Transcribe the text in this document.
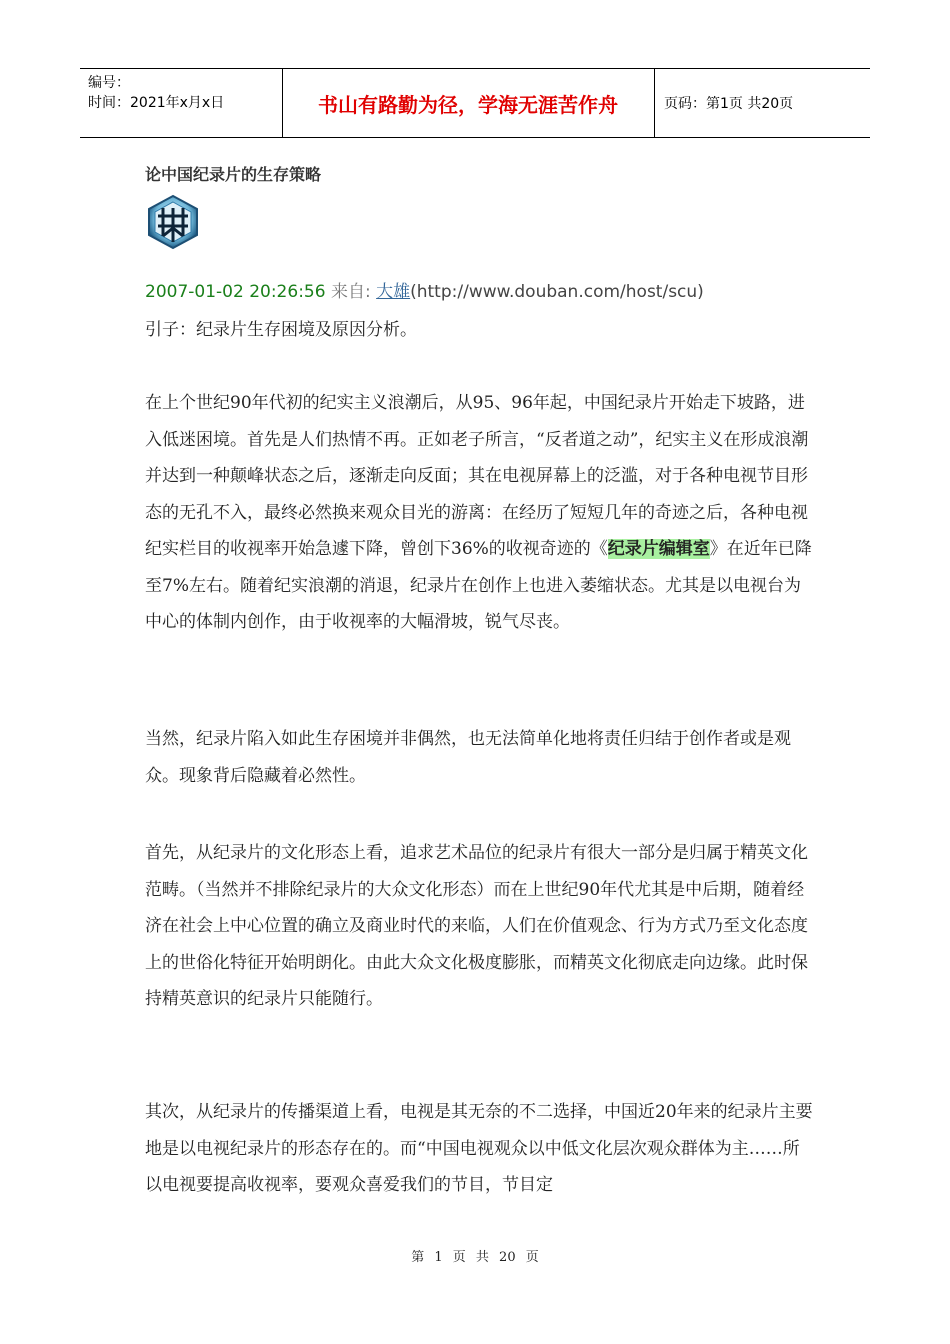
编号：
时间：2021年x月x日	书山有路勤为径，学海无涯苦作舟	页码：第1页 共20页
论中国纪录片的生存策略
2007-01-02 20:26:56 来自: 大雄(http://www.douban.com/host/scu)
引子：纪录片生存困境及原因分析。
在上个世纪90年代初的纪实主义浪潮后，从95、96年起，中国纪录片开始走下坡路，进入低迷困境。首先是人们热情不再。正如老子所言，“反者道之动”，纪实主义在形成浪潮并达到一种颠峰状态之后，逐渐走向反面；其在电视屏幕上的泛滥，对于各种电视节目形态的无孔不入，最终必然换来观众目光的游离：在经历了短短几年的奇迹之后，各种电视纪实栏目的收视率开始急遽下降，曾创下36%的收视奇迹的《纪录片编辑室》在近年已降至7%左右。随着纪实浪潮的消退，纪录片在创作上也进入萎缩状态。尤其是以电视台为中心的体制内创作，由于收视率的大幅滑坡，锐气尽丧。
当然，纪录片陷入如此生存困境并非偶然，也无法简单化地将责任归结于创作者或是观众。现象背后隐藏着必然性。
首先，从纪录片的文化形态上看，追求艺术品位的纪录片有很大一部分是归属于精英文化范畴。（当然并不排除纪录片的大众文化形态）而在上世纪90年代尤其是中后期，随着经济在社会上中心位置的确立及商业时代的来临，人们在价值观念、行为方式乃至文化态度上的世俗化特征开始明朗化。由此大众文化极度膨胀，而精英文化彻底走向边缘。此时保持精英意识的纪录片只能随行。
其次，从纪录片的传播渠道上看，电视是其无奈的不二选择，中国近20年来的纪录片主要地是以电视纪录片的形态存在的。而“中国电视观众以中低文化层次观众群体为主……所以电视要提高收视率，要观众喜爱我们的节目，节目定
第 1 页 共 20 页
